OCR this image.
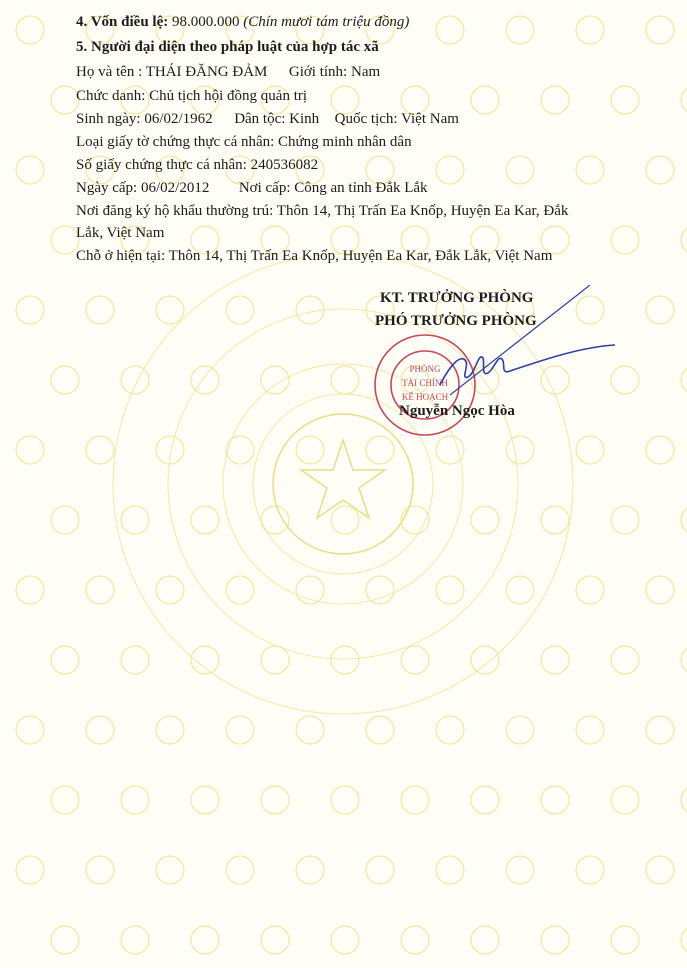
4. Vốn điều lệ: 98.000.000 (Chín mươi tám triệu đồng)
5. Người đại diện theo pháp luật của hợp tác xã
Họ và tên : THÁI ĐĂNG ĐẢM Giới tính: Nam
Chức danh: Chủ tịch hội đồng quản trị
Sinh ngày: 06/02/1962 Dân tộc: Kinh Quốc tịch: Việt Nam
Loại giấy tờ chứng thực cá nhân: Chứng minh nhân dân
Số giấy chứng thực cá nhân: 240536082
Ngày cấp: 06/02/2012 Nơi cấp: Công an tỉnh Đắk Lắk
Nơi đăng ký hộ khẩu thường trú: Thôn 14, Thị Trấn Ea Knốp, Huyện Ea Kar, Đắk
Lắk, Việt Nam
Chỗ ở hiện tại: Thôn 14, Thị Trấn Ea Knốp, Huyện Ea Kar, Đắk Lắk, Việt Nam
KT. TRƯỞNG PHÒNG
PHÓ TRƯỞNG PHÒNG
PHÒNG
TÀI CHÍNH
KẾ HOẠCH
Nguyễn Ngọc Hòa
